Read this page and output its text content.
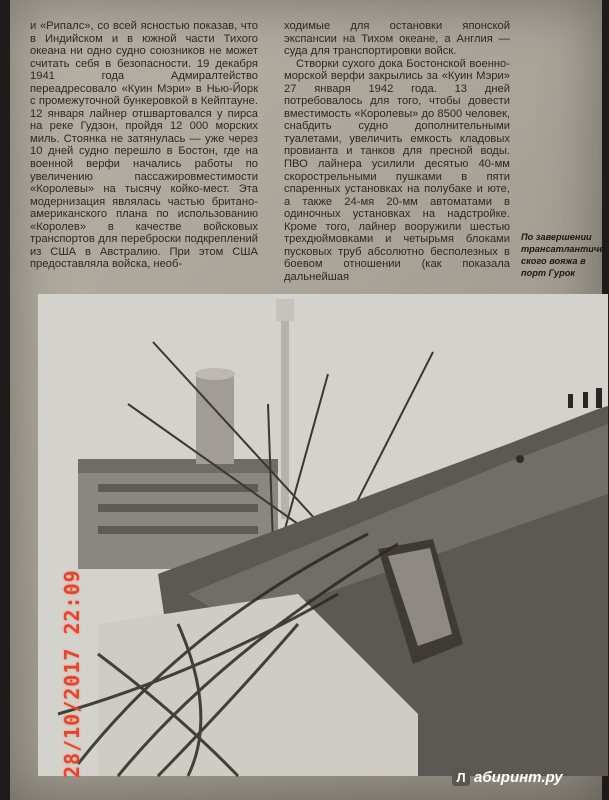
и «Рипалс», со всей ясностью показав, что в Индийском и в южной части Тихого океана ни одно судно союзников не может считать себя в безопасности. 19 декабря 1941 года Адмиралтейство переадресовало «Куин Мэри» в Нью-Йорк с промежуточной бункеровкой в Кейптауне. 12 января лайнер отшвартовался у пирса на реке Гудзон, пройдя 12 000 морских миль. Стоянка не затянулась — уже через 10 дней судно перешло в Бостон, где на военной верфи начались работы по увеличению пассажировместимости «Королевы» на тысячу койко-мест. Эта модернизация являлась частью британо-американского плана по использованию «Королев» в качестве войсковых транспортов для переброски подкреплений из США в Австралию. При этом США предоставляла войска, необ-

ходимые для остановки японской экспансии на Тихом океане, а Англия — суда для транспортировки войск.

Створки сухого дока Бостонской военно-морской верфи закрылись за «Куин Мэри» 27 января 1942 года. 13 дней потребовалось для того, чтобы довести вместимость «Королевы» до 8500 человек, снабдить судно дополнительными туалетами, увеличить емкость кладовых провианта и танков для пресной воды. ПВО лайнера усилили десятью 40-мм скорострельными пушками в пяти спаренных установках на полубаке и юте, а также 24-мя 20-мм автоматами в одиночных установках на надстройке. Кроме того, лайнер вооружили шестью трехдюймовками и четырьмя блоками пусковых труб абсолютно бесполезных в боевом отношении (как показала дальнейшая

По завершении трансатлантического вояжа в порт Гурок
28/10/2017 22:09	Л абиринт.ру
